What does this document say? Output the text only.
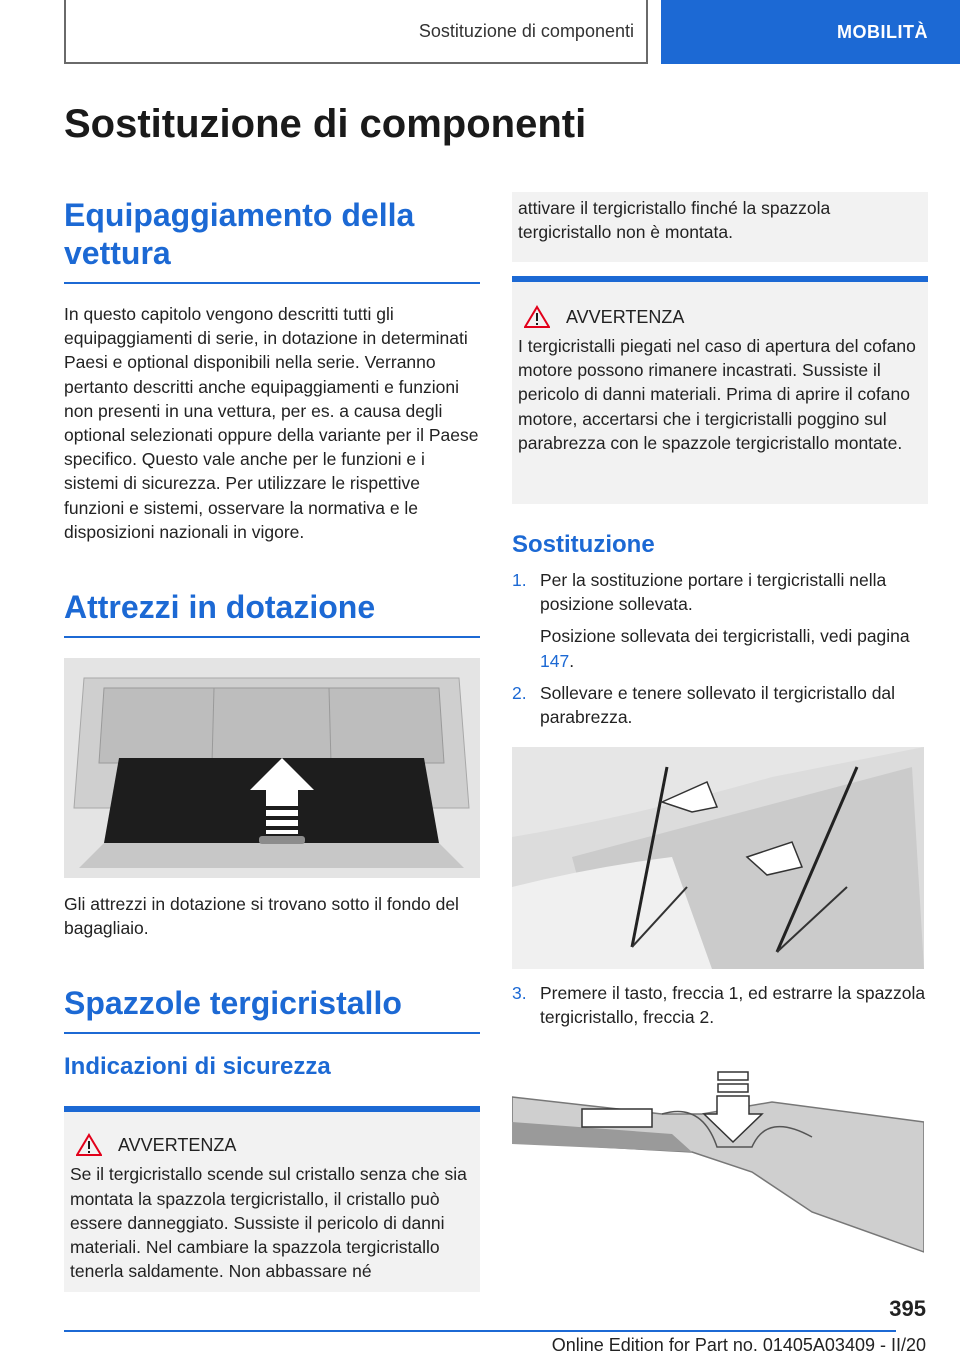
Sostituzione di componenti	MOBILITÀ
Sostituzione di componenti
Equipaggiamento della
vettura

In questo capitolo vengono descritti tutti gli equipaggiamenti di serie, in dotazione in determinati Paesi e optional disponibili nella serie. Verranno pertanto descritti anche equipaggiamenti e funzioni non presenti in una vettura, per es. a causa degli optional selezionati oppure della variante per il Paese specifico. Questo vale anche per le funzioni e i sistemi di sicurezza. Per utilizzare le rispettive funzioni e sistemi, osservare la normativa e le disposizioni nazionali in vigore.

Attrezzi in dotazione

Gli attrezzi in dotazione si trovano sotto il fondo del bagagliaio.

Spazzole tergicristallo
Indicazioni di sicurezza
AVVERTENZA

Se il tergicristallo scende sul cristallo senza che sia montata la spazzola tergicristallo, il cristallo può essere danneggiato. Sussiste il pericolo di danni materiali. Nel cambiare la spazzola tergicristallo tenerla saldamente. Non abbassare né

attivare il tergicristallo finché la spazzola tergicristallo non è montata.

AVVERTENZA

I tergicristalli piegati nel caso di apertura del cofano motore possono rimanere incastrati. Sussiste il pericolo di danni materiali. Prima di aprire il cofano motore, accertarsi che i tergicristalli poggino sul parabrezza con le spazzole tergicristallo montate.

Sostituzione
1. Per la sostituzione portare i tergicristalli nella posizione sollevata.
Posizione sollevata dei tergicristalli, vedi pagina 147.
2. Sollevare e tenere sollevato il tergicristallo dal parabrezza.
3. Premere il tasto, freccia 1, ed estrarre la spazzola tergicristallo, freccia 2.
395
Online Edition for Part no. 01405A03409 - II/20
